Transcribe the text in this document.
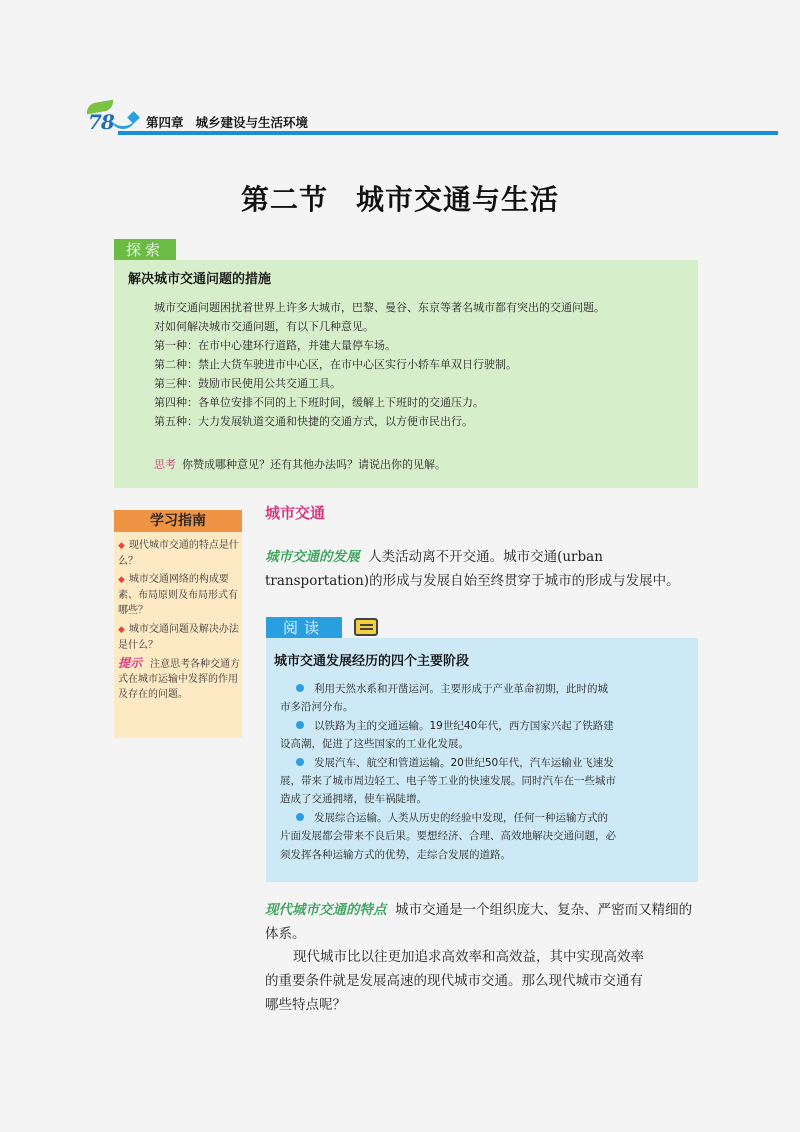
78	第四章 城乡建设与生活环境
第二节 城市交通与生活
探索
解决城市交通问题的措施
城市交通问题困扰着世界上许多大城市，巴黎、曼谷、东京等著名城市都有突出的交通问题。
对如何解决城市交通问题，有以下几种意见。
第一种：在市中心建环行道路，并建大量停车场。
第二种：禁止大货车驶进市中心区，在市中心区实行小轿车单双日行驶制。
第三种：鼓励市民使用公共交通工具。
第四种：各单位安排不同的上下班时间，缓解上下班时的交通压力。
第五种：大力发展轨道交通和快捷的交通方式，以方便市民出行。
思考 你赞成哪种意见？还有其他办法吗？请说出你的见解。
学习指南
◆ 现代城市交通的特点是什么？
◆ 城市交通网络的构成要素、布局原则及布局形式有哪些？
◆ 城市交通问题及解决办法是什么？
提示 注意思考各种交通方式在城市运输中发挥的作用及存在的问题。
城市交通
城市交通的发展 人类活动离不开交通。城市交通(urban transportation)的形成与发展自始至终贯穿于城市的形成与发展中。
阅读
城市交通发展经历的四个主要阶段
利用天然水系和开凿运河。主要形成于产业革命初期，此时的城
市多沿河分布。
以铁路为主的交通运输。19世纪40年代，西方国家兴起了铁路建
设高潮，促进了这些国家的工业化发展。
发展汽车、航空和管道运输。20世纪50年代，汽车运输业飞速发
展，带来了城市周边轻工、电子等工业的快速发展。同时汽车在一些城市
造成了交通拥堵，使车祸陡增。
发展综合运输。人类从历史的经验中发现，任何一种运输方式的
片面发展都会带来不良后果。要想经济、合理、高效地解决交通问题，必
须发挥各种运输方式的优势，走综合发展的道路。
现代城市交通的特点 城市交通是一个组织庞大、复杂、严密而又精细的体系。
现代城市比以往更加追求高效率和高效益，其中实现高效率
的重要条件就是发展高速的现代城市交通。那么现代城市交通有
哪些特点呢？
